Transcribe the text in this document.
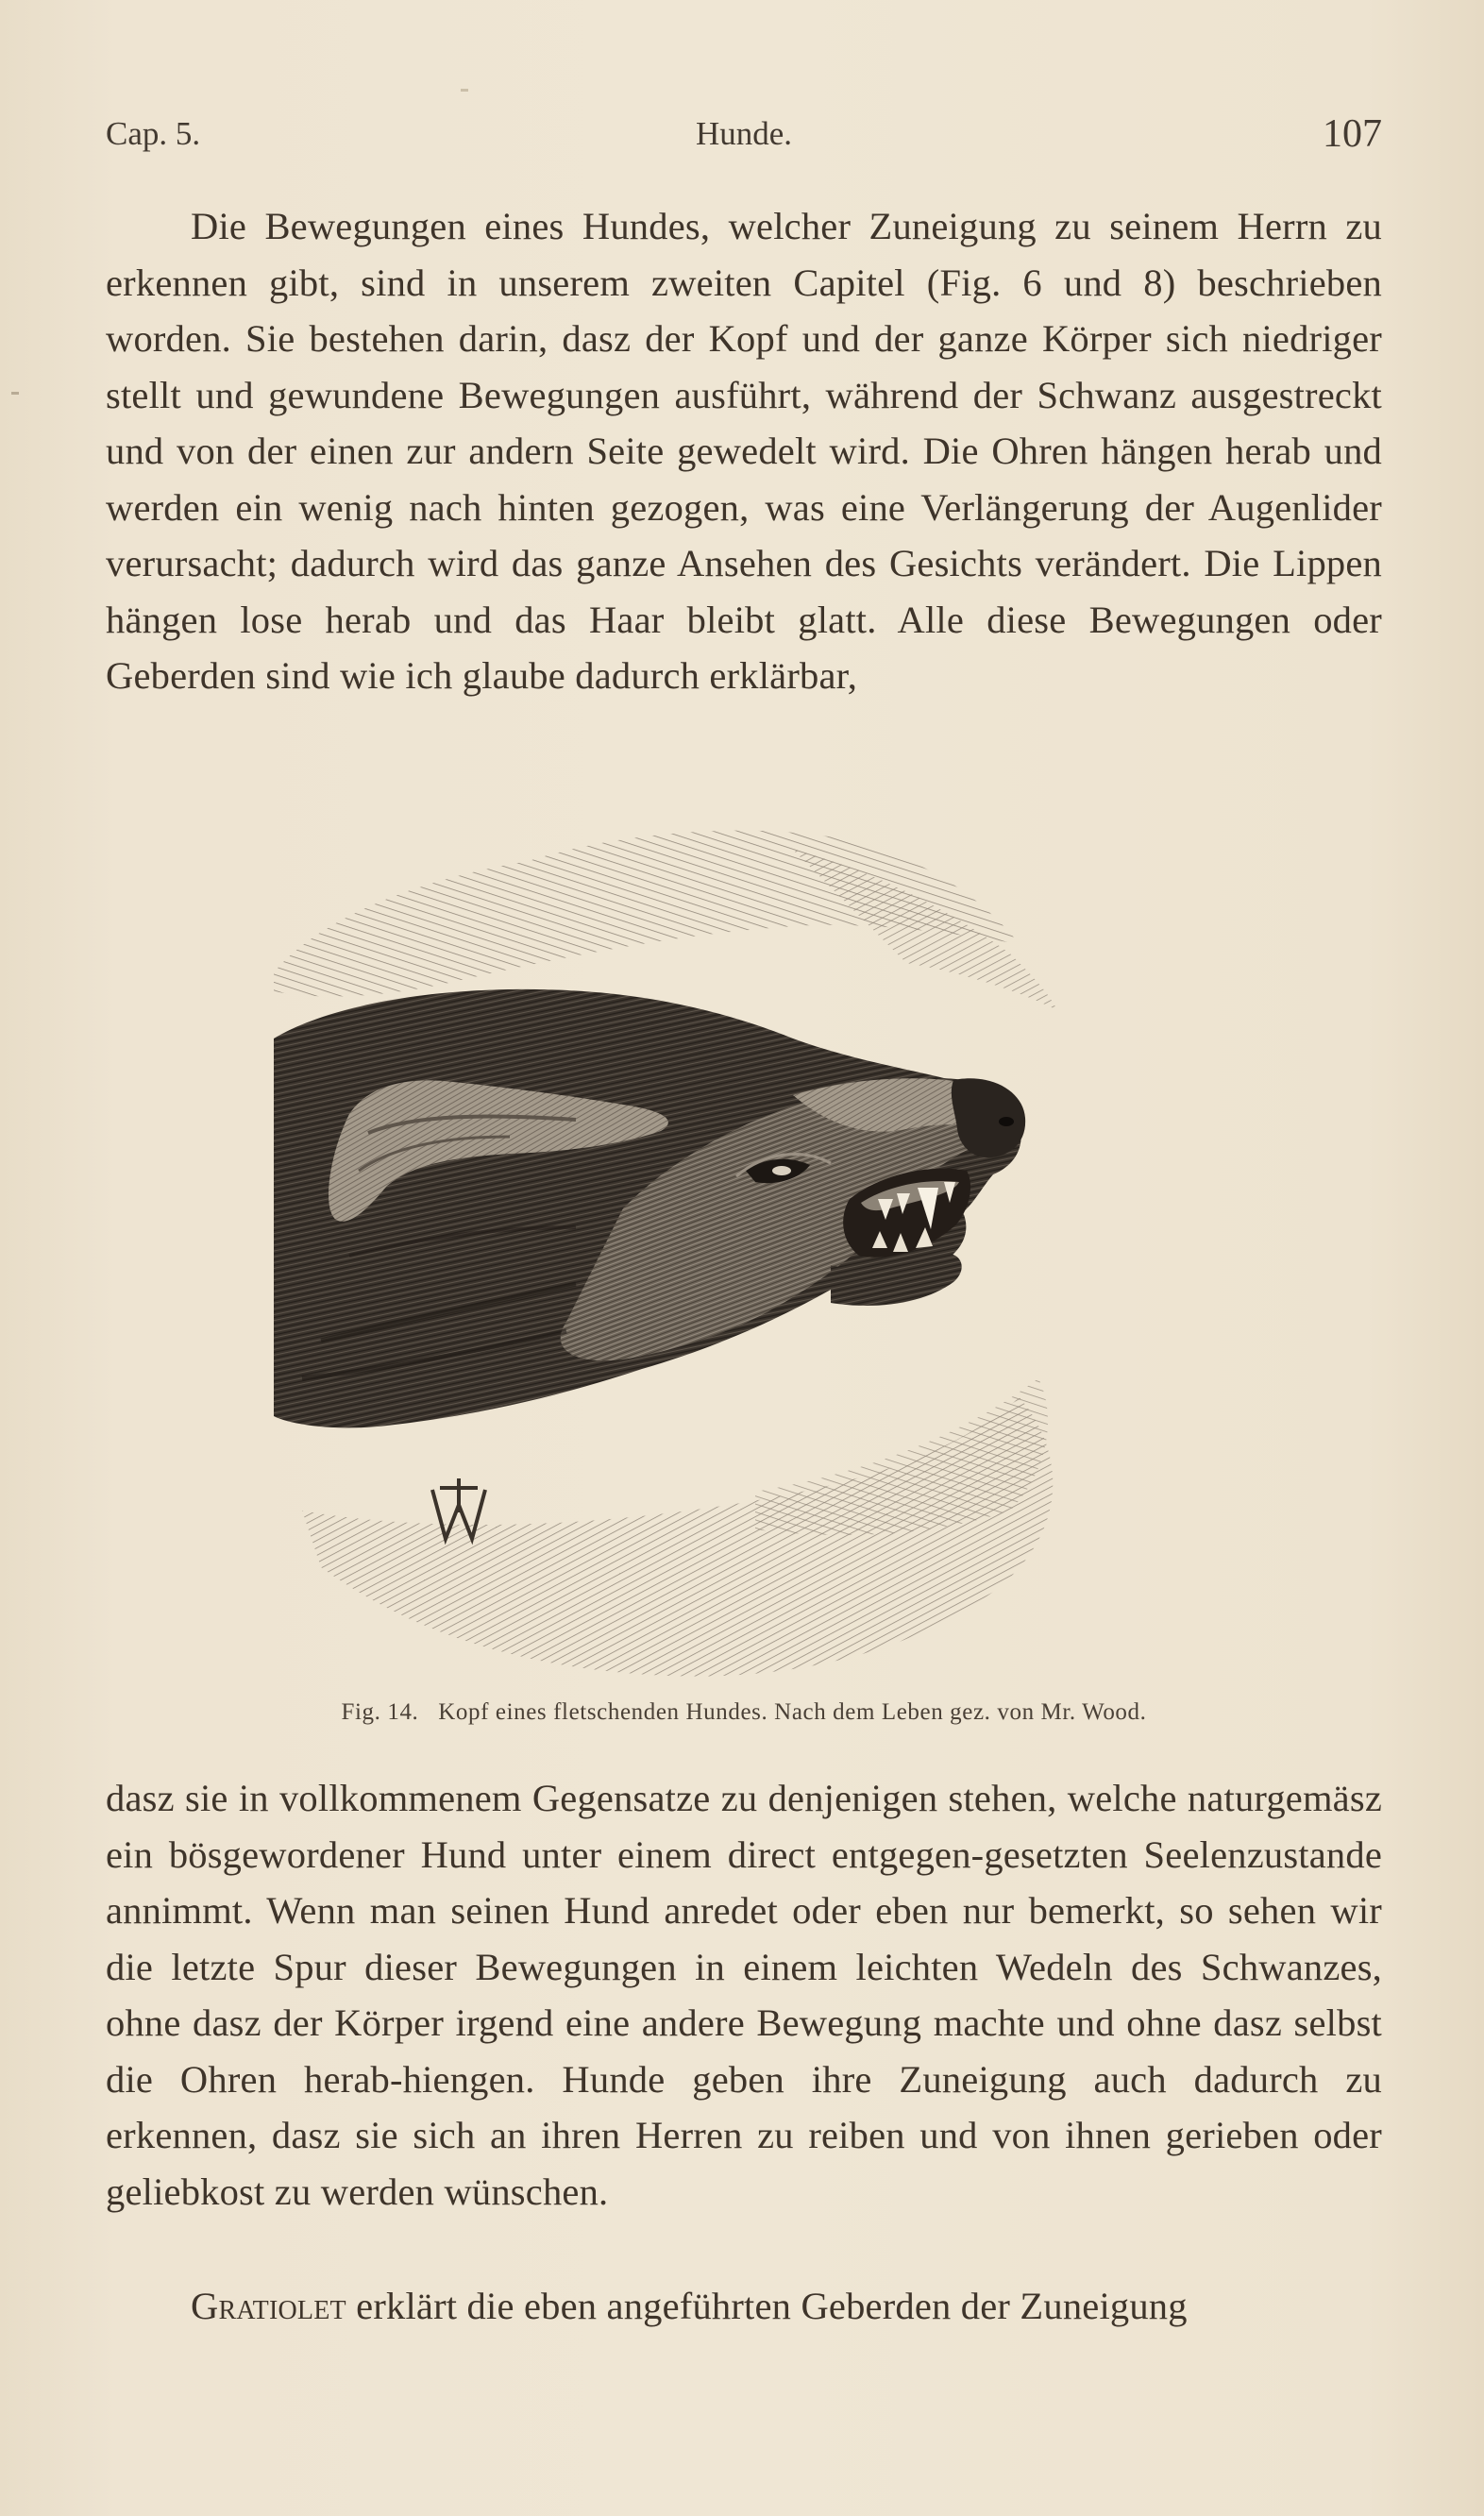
Cap. 5.	Hunde.	107

Die Bewegungen eines Hundes, welcher Zuneigung zu seinem Herrn zu erkennen gibt, sind in unserem zweiten Capitel (Fig. 6 und 8) beschrieben worden. Sie bestehen darin, dasz der Kopf und der ganze Körper sich niedriger stellt und gewundene Bewegungen ausführt, während der Schwanz ausgestreckt und von der einen zur andern Seite gewedelt wird. Die Ohren hängen herab und werden ein wenig nach hinten gezogen, was eine Verlängerung der Augenlider verursacht; dadurch wird das ganze Ansehen des Gesichts verändert. Die Lippen hängen lose herab und das Haar bleibt glatt. Alle diese Bewegungen oder Geberden sind wie ich glaube dadurch erklärbar,

Fig. 14. Kopf eines fletschenden Hundes. Nach dem Leben gez. von Mr. Wood.

dasz sie in vollkommenem Gegensatze zu denjenigen stehen, welche naturgemäsz ein bösgewordener Hund unter einem direct entgegen-gesetzten Seelenzustande annimmt. Wenn man seinen Hund anredet oder eben nur bemerkt, so sehen wir die letzte Spur dieser Bewegungen in einem leichten Wedeln des Schwanzes, ohne dasz der Körper irgend eine andere Bewegung machte und ohne dasz selbst die Ohren herab-hiengen. Hunde geben ihre Zuneigung auch dadurch zu erkennen, dasz sie sich an ihren Herren zu reiben und von ihnen gerieben oder geliebkost zu werden wünschen.

Gratiolet erklärt die eben angeführten Geberden der Zuneigung
